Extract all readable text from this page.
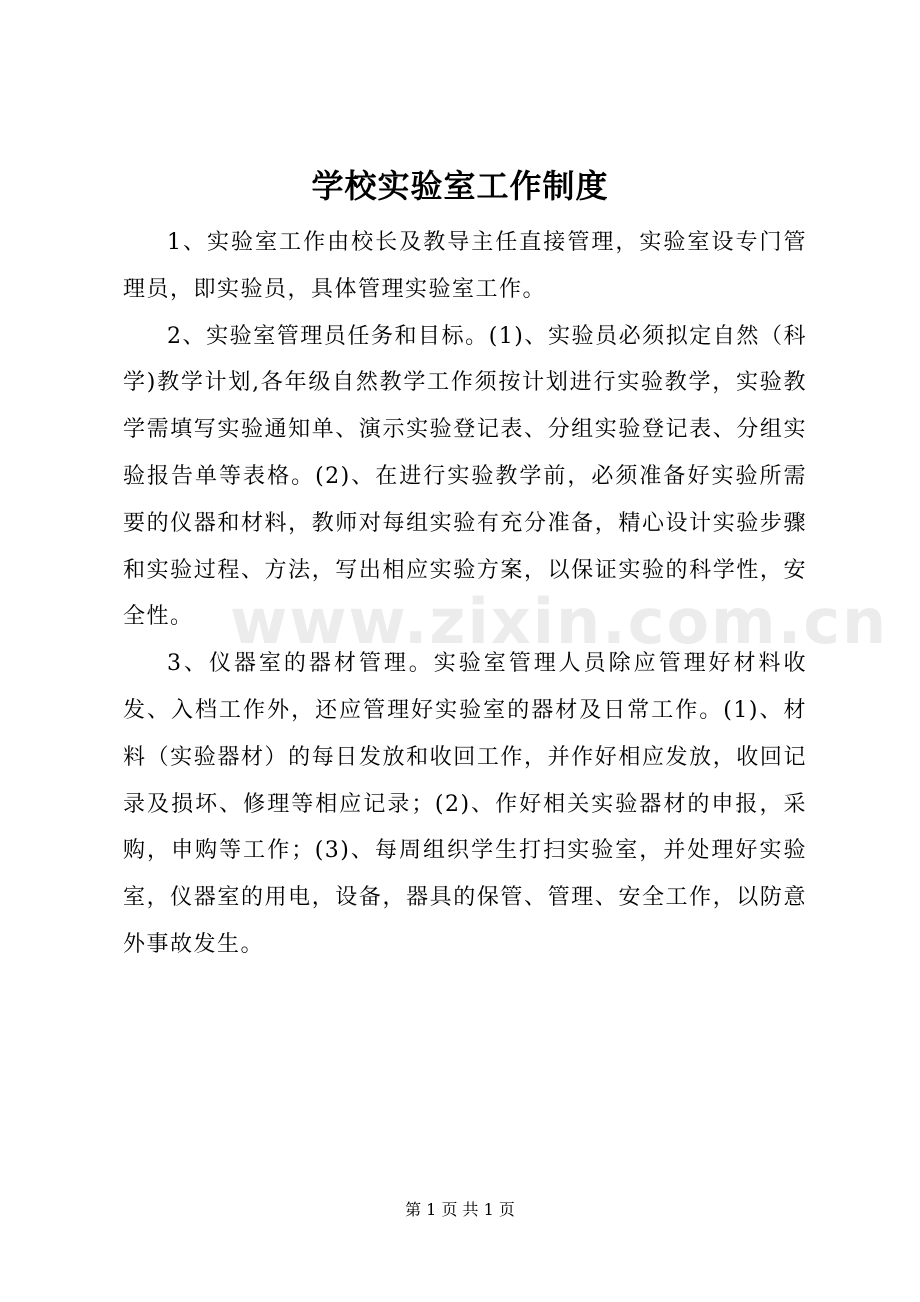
学校实验室工作制度

1、实验室工作由校长及教导主任直接管理，实验室设专门管理员，即实验员，具体管理实验室工作。

2、实验室管理员任务和目标。(1)、实验员必须拟定自然（科学)教学计划,各年级自然教学工作须按计划进行实验教学，实验教学需填写实验通知单、演示实验登记表、分组实验登记表、分组实验报告单等表格。(2)、在进行实验教学前，必须准备好实验所需要的仪器和材料，教师对每组实验有充分准备，精心设计实验步骤和实验过程、方法，写出相应实验方案，以保证实验的科学性，安全性。

3、仪器室的器材管理。实验室管理人员除应管理好材料收发、入档工作外，还应管理好实验室的器材及日常工作。(1)、材料（实验器材）的每日发放和收回工作，并作好相应发放，收回记录及损坏、修理等相应记录；(2)、作好相关实验器材的申报，采购，申购等工作；(3)、每周组织学生打扫实验室，并处理好实验室，仪器室的用电，设备，器具的保管、管理、安全工作，以防意外事故发生。

www.zixin.com.cn
第 1 页 共 1 页
